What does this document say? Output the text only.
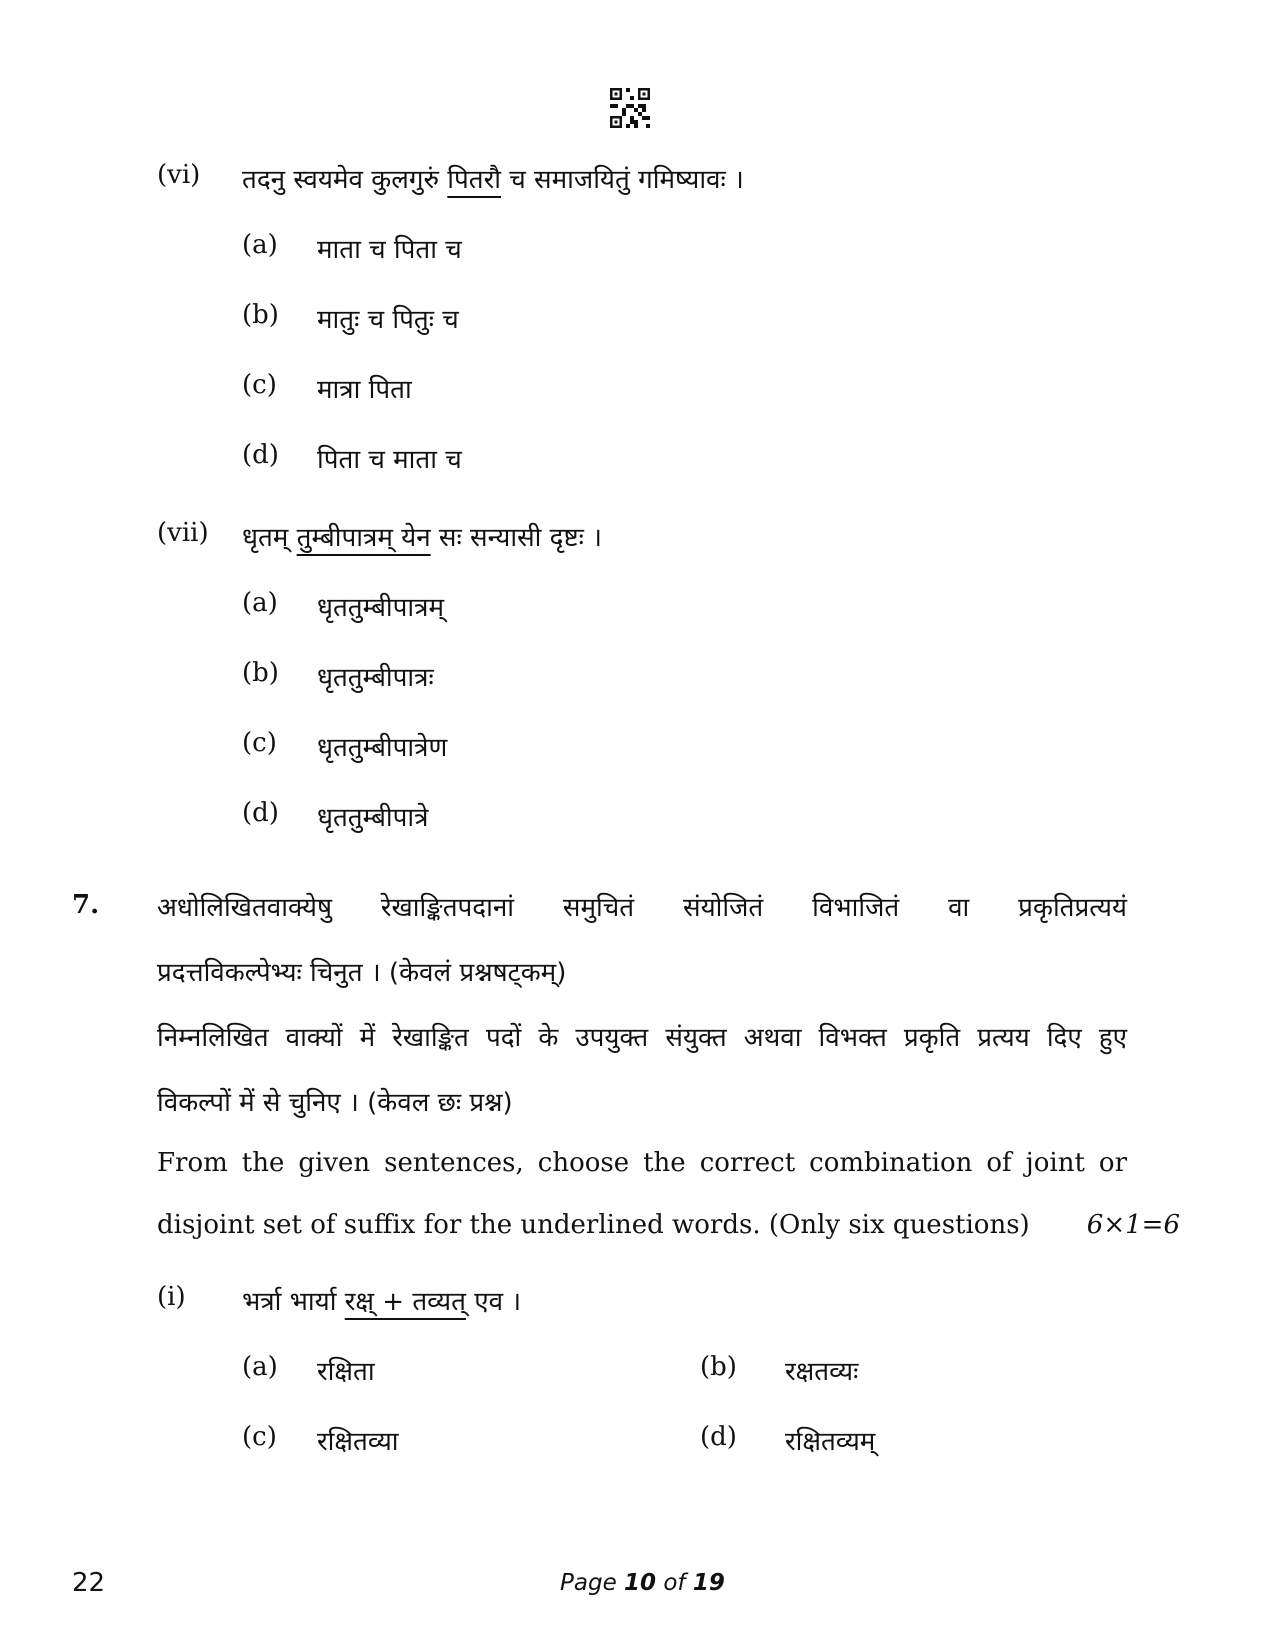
(vi) तदनु स्वयमेव कुलगुरुं पितरौ च समाजयितुं गमिष्यावः ।
(a) माता च पिता च
(b) मातुः च पितुः च
(c) मात्रा पिता
(d) पिता च माता च
(vii) धृतम् तुम्बीपात्रम् येन सः सन्यासी दृष्टः ।
(a) धृततुम्बीपात्रम्
(b) धृततुम्बीपात्रः
(c) धृततुम्बीपात्रेण
(d) धृततुम्बीपात्रे
7. अधोलिखितवाक्येषु रेखाङ्कितपदानां समुचितं संयोजितं विभाजितं वा प्रकृतिप्रत्ययं
प्रदत्तविकल्पेभ्यः चिनुत । (केवलं प्रश्नषट्कम्)
निम्नलिखित वाक्यों में रेखाङ्कित पदों के उपयुक्त संयुक्त अथवा विभक्त प्रकृति प्रत्यय दिए हुए
विकल्पों में से चुनिए । (केवल छः प्रश्न)
From the given sentences, choose the correct combination of joint or
disjoint set of suffix for the underlined words. (Only six questions) 6×1=6
(i) भर्त्रा भार्या रक्ष् + तव्यत् एव ।
(a) रक्षिता	(b) रक्षतव्यः
(c) रक्षितव्या	(d) रक्षितव्यम्
22	Page 10 of 19
